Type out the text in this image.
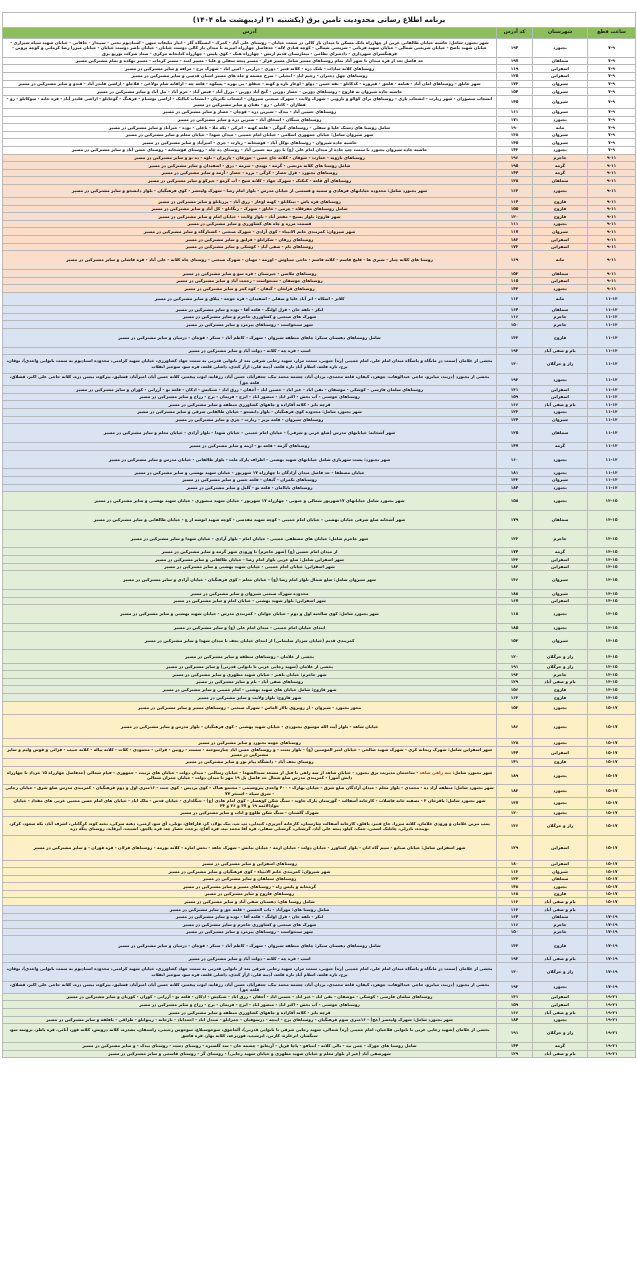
برنامه اطلاع رسانی محدودیت تامین برق (یکشنبه ۲۱ اردیبهشت ماه ۱۴۰۴)			
ساعت قطع	شهرستان	کد آدرس	آدرس
۷-۹	بجنورد	۱۹۴	شهر بجنورد شامل: حاشیه خیابان طالقانی غربی از چهارراه بانک مسکن تا میدان بار کالی در سمت خیابان - روستای علی آباد - کمرک - ایستگاه گاز - انبار تبلیغات میهن - استادیوم تختی - سپیدار - خاقانی - خیابان شهید سپاه شیرازی - خیابان شهید ناصح - خیابان شریعتی شمالی - خیابان شهید قربانی - شریعتی شمالی - کوچه قنادی لاله - حدفاصل چهارراه امیریه تا میدان بار کالی دوست خیابان - خیابان ناصر دوست خیابان - خیابان میرزا رضا کرمانی و کوچه پروین - فرهنگسرای شهرداری - دادسرای نظامی - بیمارستان قدیم ارتش - چهارراه هتک - کوی پلیس - چهارراه کتابخانه مرکزی - ستاد شرکت توزیع برق
۷-۹	سملقان	۱۹۷	حد فاصل بعد از قره میدان تا شهر آباد تمام روستاهای مسیر شامل مسیر قزلر - مسیر پنجه سفلی و علیا - مسیر امند - مسیر کرماب - مسیر بهکده و تمام مشترکین مسیر
۷-۹	اسفراین	۱۱۹	روستاهای کلاته سادات - بلنک دره - کلاته قنبر - دوری - درازبی - امین اباد - شهرک برج - مرافه و سایر مشترکین در مسیر
۷-۹	اسفراین	۱۲۵	روستاهای چهل دختران - رحیم اباد - انجیلی - سرخ چشمه و چاه های مسیر استان قدسی و سایر مشترکین در مسیر
۷-۹	شیروان	۱۷۳	شهر خانلق - روستاهای امان آباد - هنامه - قلجق - فیروزه - کدکانلو - تقه حسن - دولو - اوغاز تازه و کهنه - چیقلو - بی بهره - پسکوه - قلعه چه - اراقانه شام بولاغی - قلاجلو - اراضی قلندر آباد - قندو و سایر مشترکین در مسیر
۷-۹	شیروان	۱۵۴	حاشیه جاده شیروان به قاروچ - روستاهای دورین - حصار دورین - گنج آباد دورین - برزل آباد - فیض آباد - خرم آباد - تپل آباد و سایر مشترکین در مسیر
۷-۹	شیروان	۱۴۵	انشعاب منصوران - شهر زیارت - انشعاب باری - روستاهای برای کوالو و بازویی - شهرک ولایت - شهرک صنعتی شیروان - انشعاب نکتریان - انشعاب کیالیک - اراضی توشنام - فرهنگ - گوجانلو - اراضی قلندر آباد - قره خانه - سوکانلو - رو - قطاران - کاتلی - زو - تفتان و سایر مشترکین در مسیر
۷-۹	شیروان	۱۶۱	روستاهای حسین آباد - بیدک - شیرین دره - قوچان - حصار و سایر مشترکین در مسیر
۷-۹	بجنورد	۱۷۱	روستاهای سنگان - اسحاق آباد - شیرین دره و سایر مشترکین در مسیر
۷-۹	مانه	۱۹۰	شامل روستا های دشتک علیا و سفلی - روستاهای گیوگی - قلعه کهنه - اترکی - یکه ملا - باغلی - نوده - خیرآباد و سایر مشترکین در مسیر
۷-۹	شیروان	۱۳۸	شهر شیروان شامل: خیابان جمهوری اسلامی - خیابان امام خمینی - میدان شهدا - خیابان معلم و سایر مشترکین در مسیر
۷-۹	شیروان	۱۴۵	حاشیه جاده شیروان - روستاهای توکل آباد - قوشخانه - زیارت - چری - امیرآباد و سایر مشترکین در مسیر
۷-۹	بجنورد	۱۴۲	حاشیه جاده شیروان بجنورد با سمت چپ جاده از میدان امام علی (ع) تا دور تپه حسین آباد - روستای ده چاه - روستای قوشخانه - روستای حسن آباد و سایر مشترکین در مسیر
۹-۱۱	جاجرم	۱۹۶	روستاهای نارویه - عمارت - شوقان - کلاته حاج حسن - جوزقان - پاریزان - ناوه - ده نو و سایر مشترکین در مسیر
۹-۱۱	گرمه	۱۹۵	شامل روستا های کلاته مرتضی - گرمه - تهیدی - سرمه - درق - اسفیدان و سایر مشترکین در مسیر
۹-۱۱	گرمه	۱۴۴	روستاهای بجنورد - قزل حصار - کرگی - برزه - حصار - آرمه و سایر مشترکین در مسیر
۹-۱۱	سملقان	۱۲۸	روستاهای آق قلعه - کنکتک - شهرک جهاد - کلاته شیخ - آب گرمو - جیرکو و سایر مشترکین در مسیر
۹-۱۱	بجنورد	۱۶۳	شهر بجنورد شامل: محدوده خیابانهای فرهادی و سمیه و قسمتی از خیابان مدرس - بلوار امام رضا - شهرک ولیعصر - کوی فرهنگیان - بلوار دانشجو و سایر مشترکین در مسیر
۹-۱۱	فاروج	۱۱۴	روستاهای قره باش - تیتکانلو - کهنه اوغاز - رزق آباد - پرزیانلو و سایر مشترکین در مسیر
۹-۱۱	فاروج	۱۵۵	شامل روستاهای مقرقلاه - چرمی - خانلق - شهرک - زنگانلو - کل آباد و سایر مشترکین در مسیر
۹-۱۱	فاروج	۱۲۰	شهر فاروج: بلوار بسیج - مفخر آباد - بلوار ولایت - خیابان امام و سایر مشترکین در مسیر
۹-۱۱	بجنورد	۱۱۱	قسمت مرزه و چاه های کشاورزی و سایر مشترکین در مسیر
۹-۱۱	شیروان	۱۱۷	شهر شیروان: کمربندی خاتم الانبیاء - کوی آزادی - شهرک صنعتی - کشتارگاه و سایر مشترکین در مسیر
۹-۱۱	اسفراین	۱۸۲	روستاهای زرقان - شکرانلو - قزلیق و سایر مشترکین در مسیر
۹-۱۱	اسفراین	۱۷۲	روستاهای بام - صفی آباد - کوشکی و سایر مشترکین در مسیر
۹-۱۱	مانه	۱۶۹	روستا های کلاته چنار - شیری ها - قلیچ قاسم - کلاته قاسم - حاجی سیاوش - اوزمه - مهنان - شهرک صنعتی - روستای چاه کلاته - علی آباد - قره قاشلی و سایر مشترکین در مسیر
۹-۱۱	سملقان	۱۵۲	روستاهای ملاسن - جیرستان - قره سو و سایر مشترکین در مسیر
۹-۱۱	اسفراین	۱۱۵	روستاهای جوشقان - سنخواست - رحمت آباد و سایر مشترکین در مسیر
۹-۱۱	بجنورد	۱۴۳	روستاهای قزلخان - گیفان - کوه کمر و سایر مشترکین در مسیر
۱۱-۱۳	مانه	۱۱۲	کلاتر - اسکاه - اتر آباد علیا و سفلی - اسفیدان - قره خوجه - ییلاق و سایر مشترکین در مسیر
۱۱-۱۳	سملقان	۱۶۴	لنکر - تلفه خان - قزل اولنگ - قلعه آقا - نوده و سایر مشترکین در مسیر
۱۱-۱۳	جاجرم	۱۱۶	شهرک های صنعتی و کشاورزی جاجرم و سایر مشترکین در مسیر
۱۱-۱۳	جاجرم	۱۵۰	شهر سنخواست - روستاهای پیرمرد و سایر مشترکین در مسیر
۱۱-۱۳	فاروج	۱۳۳	شامل روستاهای دهستان سنکر: چاهای منطقه شیروان - شهرک - کاظم آباد - سنکر - قوچان - درمیان و سایر مشترکین در مسیر
۱۱-۱۳	بام و صفی آباد	۱۹۲	اسپ - قره چه - کلاته - دولت آباد و سایر مشترکین در مسیر
۱۱-۱۳	راز و جرگلان	۱۲۰	بخشی از غلامان (سمت در مانگاه و پاسگاه میدان امام علی، امام خمینی (ره) جنوبی، سمت مزار، شهید رجایی شرقی بعد از نانوایی قدرتی به سمت جهاد کشاورزی، خیابان شهید کرامتی، محدوده استادیوم به سمت نانوایی واحدی)، بوقان، برج، تازه قلعه، اسلام آباد تازه قلعه، آدینه قلی، ازآر کندی، داشلی قلعه، قره سو، سوخیز انقلاب
۱۱-۱۳	بجنورد	۱۹۲	بخشی از بجنورد (دربند، میانرو، حاجی عبدالوهاب، جوهرد، کیفان، قلعه محمدی، یزدان آباد، چشمه محمد بیک، جعفرآباد، حسن آباد، زرقانه، ایوب پیغمبر، کلاته حسن آباد، امیرآباد، قشلیق، پیرکوه، بیسن دره، کلاته حاجی علی اکبر، قشلاق، قلعه جق)
۱۱-۱۳	اسفراین	۱۳۱	روستاهای سلمان فارسی - کوشکی - موشقان - نقی اباد - غیر اباد - حسین اباد - آجقان - رزق اباد - شنکیش - ادکان - قلعه نو - آزرانی - کوران و سایر مشترکین در مسیر
۱۱-۱۳	اسفراین	۱۵۹	روستاهای خوشتی - آب بخش - اکبر اباد - منصور اباد - ابرج - فریمان - برج - زراج و سایر مشترکین در مسیر
۱۱-۱۳	بام و صفی آباد	۱۶۶	قرچه بابر - کلاته آقازاده و چاههای کشاورزی منطقه و سایر مشترکین در مسیر
۱۱-۱۳	بجنورد	۱۲۲	شهر بجنورد شامل: محدوده کوی فرهنگیان - بلوار دانشجو - خیابان طالقانی شرقی و سایر مشترکین در مسیر
۱۱-۱۳	شیروان	۱۲۴	روستاهای شیروان - قلعه بربر - زیارت - چری و سایر مشترکین در مسیر
۱۱-۱۳	سملقان	۱۲۵	شهر آشخانه: خیابانهای مدرس (ضلع غربی و شرقی) - خیابان امام خمینی - خیابان شهدا - بلوار آزادی - خیابان معلم و سایر مشترکین در مسیر
۱۱-۱۳	گرمه	۱۴۷	روستاهای گرمه - قلعه نو - ازمه و سایر مشترکین در مسیر
۱۱-۱۳	بجنورد	۱۶۰	شهر بجنورد: پشت شهربازی شامل خیابانهای شهید بهشتی - اطراف پارک ملت - بلوار طالقانی - خیابان مدرس و سایر مشترکین در مسیر
۱۱-۱۳	بجنورد	۱۸۱	خیابان مصطفا - حد فاصل میدان آزادگان تا چهارراه ۱۷ شهریور - خیابان شهید بهشتی و سایر مشترکین در مسیر
۱۱-۱۳	شیروان	۱۳۲	روستاهای تکمران - گیفان - قلعه حسن و سایر مشترکین در مسیر
۱۱-۱۳	بجنورد	۱۸۴	روستاهای باباامان - قلعه نو - گلیل و سایر مشترکین در مسیر
۱۳-۱۵	بجنورد	۱۵۸	شهر بجنورد شامل خیابانهای ۱۷شهریور شمالی و جنوبی - چهارراه ۱۷ شهریور - خیابان شهید منصوری - خیابان شهید بهشتی و سایر مشترکین در مسیر
۱۳-۱۵	سملقان	۱۷۹	شهر آشخانه ضلع شرقی خیابان بهشتی - خیابان امام خمینی - کوچه شهید مقدسی - کوچه شهید انوشه از ع - خیابان طالقانی و سایر مشترکین در مسیر
۱۳-۱۵	جاجرم	۱۲۲	شهر جاجرم شامل: خیابان های مصطفی خمینی - خیابان امام - بلوار آزادی - خیابان شهدا و سایر مشترکین در مسیر
۱۳-۱۵	گرمه	۱۷۴	از میدان امام حسین (ع) (شهر جاجرم) تا ورودی شهر گرمه و سایر مشترکین در مسیر
۱۳-۱۵	اسفراین	۱۳۲	شهر اسفراین شامل: ضلع غربی بلوار امام رضا - خیابان طالقانی و سایر مشترکین در مسیر
۱۳-۱۵	اسفراین	۱۸۲	شهر اسفراین: خیابان امام خمینی - خیابان شهید بهشتی و سایر مشترکین در مسیر
۱۳-۱۵	شیروان	۱۳۶	شهر شیروان شامل: ضلع شمال بلوار امام رضا (ع) - خیابان معلم - کوی فرهنگیان - خیابان آزادی و سایر مشترکین در مسیر
۱۳-۱۵	شیروان	۱۸۸	محدوده شهرک صنعتی شیروان و سایر مشترکین در مسیر
۱۳-۱۵	اسفراین	۱۶۷	شهر اسفراین: بلوار شهید بهشتی - خیابان امام و سایر مشترکین در مسیر
۱۳-۱۵	بجنورد	۱۱۸	شهر بجنورد شامل: کوی صالحیه اول و دوم - خیابان جوانان - کمربندی مدرس - خیابان شهید بهشتی و سایر مشترکین در مسیر
۱۳-۱۵	بجنورد	۱۸۵	ابتدای خیابان امام خمینی - میدان امام علی (ع) و سایر مشترکین در مسیر
۱۳-۱۵	شیروان	۱۵۳	کمربندی قدیم (خیابان سردار سلیمانی) از ابتدای خیابان نجف تا میدان شهدا و سایر مشترکین در مسیر
۱۳-۱۵	راز و جرگلان	۱۲۰	بخشی از غلامان - روستاهای منطقه و سایر مشترکین در مسیر
۱۳-۱۵	راز و جرگلان	۱۹۱	بخشی از غلامان (شهید رجایی غربی تا نانوایی قدرتی) و سایر مشترکین در مسیر
۱۳-۱۵	جاجرم	۱۹۳	شهر جاجرم: خیابان باهنر - خیابان شهید مطهری و سایر مشترکین در مسیر
۱۳-۱۵	بام و صفی آباد	۱۲۹	روستاهای صفی آباد - بام و سایر مشترکین در مسیر
۱۳-۱۵	فاروج	۱۵۶	شهر فاروج: شامل خیابان های شهید بهشتی - امام خمینی و سایر مشترکین در مسیر
۱۳-۱۵	فاروج	۱۶۲	شهر فاروج: بلوار ولایت و سایر مشترکین در مسیر
۱۵-۱۷	بجنورد	۱۵۲	محور بجنورد - شیروان - از روبروی تالار الماس - شهرک صنعتی - روستاهای مسیر و سایر مشترکین در مسیر
۱۵-۱۷	بجنورد	۱۸۶	خیابان شاهد - بلوار آیت الله موسوی بجنوردی - خیابان شهید بهشتی - کوی فرهنگیان - بلوار مدرس و سایر مشترکین در مسیر
۱۵-۱۷	بجنورد	۱۲۸	روستاهای حومه بجنورد و سایر مشترکین در مسیر
۱۵-۱۷	اسفراین	۱۴۴	شهر اسفراین شامل: شهرک ریحانه کری - شهرک شهید صالحی - خیابان امیر المومنین (ع) - بلوار بعثت - و روستاهای حسن اباد چنارسوخته - سست - رویین - قرائی - محمودی - کلات - کلاته پیاله - کلاته حبیب - قرائی و قوس ولیم و سایر مشترکین در مسیر
۱۵-۱۷	فاروج	۱۴۱	روستای نجف آباد - دانشگاه پیام نور و سایر مشترکین در مسیر
۱۵-۱۷	بجنورد	۱۸۹	شهر بجنورد شامل: سه راهی شاهد - ساختمان مدیریت برق بجنورد - خیابان شاهد از سه راهی تا قبل از مسجد سیدالشهدا - خیابان رسالتی - میدان دولت - خیابان های تربیت - جمهوری - قیام شمالی (حدفاصل چهارراه ۱۵ خرداد تا چهارراه دانش آموز) - کمربندی مدرس ضلع شمال حد فاصل پل ۱۹ مهر تا میدان دولت - خیابان جمران شمالی
۱۵-۱۷	بجنورد	۱۸۳	شهر بجنورد شامل: منطقه آزاد ده - محمدی - بلوار معلم - میدان آزادگان ضلع شرق - خیابان بهارک - ۴۰۰ واحدی پتروشیمی - مجتمع هتاک - کوی پردیس - کوی جنت - ۱۶متری اول و دوم فرهنگیان - کمربندی مدرس ضلع شرق - خیابان رجایی - شرق سپاه - استخر ۷۷
۱۵-۱۷	بجنورد	۱۳۷	شهر بجنورد شامل: باقرخان ۳ - تصفیه خانه فاضلاب - کارخانه آسفالت - گورستان پارک جاوید - سنگ شکن کوهسار - کوی امام هادی (ع) - جنگلداری - خیابان قدس - ملک اباد - خیابان های امام حسن مجتبی غربی های مقداد - خیابان جوادالائمه ۱۹ و ۳۷ و ۲۶ و ۳۴
۱۵-۱۷	بجنورد	۱۲۰	شهرک گلستان - سنگ شکن طلوع و اتاب و سایر مشترکین در مسیر
۱۵-۱۷	راز و جرگلان	۱۲۶	پمپ بنزین غلامان و ورودی غلامان، کلاته میرزا، حاج قنبر، یاقلق، کارخانه آسفالت شارستان، کارخانه آجرپزی، کنیدلی، تپ تپ، بیک پولاد، کر، قاراقاق، توتلی، آق سو، ارمنی، دهنه سرکی، تخته کوه، کرگانلی، اشرف آباد، یکه سعود، کرکر، نوبنده، نادرلی، چاتلیک اسمی، جمک، کپلو، پنجه علی آباد، گرشتلی، گرشتلی سفلی، قره آقا محمد تپه، قره آقاج، برخت، حصار چه، قره یالچق، اشتیت، آبرقاید، روستای ینگه دره
۱۵-۱۷	اسفراین	۱۲۹	شهر اسفراین شامل: خیابان صنایع - سیم گاه اتان - بلوار کشاورز - خیابان دولت - خیابان ارمه - خیابان نیایش - شهرک جاهد - بخش اماره - کلاته بوزمه - روستاهای قرلان - قره قوزان - و سایر مشترکین در مسیر
۱۵-۱۷	اسفراین	۱۸۰	روستاهای اسفراین و سایر مشترکین در مسیر
۱۵-۱۷	شیروان	۱۱۲	شهر شیروان: کمربندی خاتم الانبیاء - کوی فرهنگیان و سایر مشترکین در مسیر
۱۵-۱۷	سملقان	۱۲۳	روستاهای سملقان و سایر مشترکین در مسیر
۱۵-۱۷	بجنورد	۱۴۸	گرمخانه و پلیس راه - روستاهای مسیر و سایر مشترکین در مسیر
۱۵-۱۷	فاروج	۱۶۸	روستاهای فاروج و سایر مشترکین در مسیر
۱۵-۱۷	بام و صفی آباد	۱۱۳	شامل روستا های: دهستان صفی آباد و سایر مشترکین در مسیر
	بام و صفی آباد	۱۱۳	شامل روستا های: مهرآباد - باب الحسین - قلعه جق و سایر مشترکین در مسیر
۱۷-۱۹	سملقان	۱۶۴	لنکر - تلفه خان - قزل اولنگ - قلعه آقا - نوده و سایر مشترکین در مسیر
۱۷-۱۹	جاجرم	۱۱۶	شهرک های صنعتی و کشاورزی جاجرم و سایر مشترکین در مسیر
۱۷-۱۹	جاجرم	۱۵۰	شهر سنخواست - روستاهای پیرمرد و سایر مشترکین در مسیر
۱۷-۱۹	فاروج	۱۳۳	شامل روستاهای دهستان سنکر: چاهای منطقه شیروان - شهرک - کاظم آباد - سنکر - قوچان - درمیان و سایر مشترکین در مسیر
۱۷-۱۹	بام و صفی آباد	۱۹۲	اسپ - قره چه - کلاته - دولت آباد و سایر مشترکین در مسیر
۱۷-۱۹	راز و جرگلان	۱۲۰	بخشی از غلامان (سمت در مانگاه و پاسگاه میدان امام علی، امام خمینی (ره) جنوبی، سمت مزار، شهید رجایی شرقی بعد از نانوایی قدرتی به سمت جهاد کشاورزی، خیابان شهید کرامتی، محدوده استادیوم به سمت نانوایی واحدی)، بوقان، برج، تازه قلعه، اسلام آباد تازه قلعه، آدینه قلی، ازآر کندی، داشلی قلعه، قره سو، سوخیز انقلاب
۱۷-۱۹	بجنورد	۱۹۲	بخشی از بجنورد (دربند، میانرو، حاجی عبدالوهاب، جوهرد، کیفان، قلعه محمدی، یزدان آباد، چشمه محمد بیک، جعفرآباد، حسن آباد، زرقانه، ایوب پیغمبر، کلاته حسن آباد، امیرآباد، قشلیق، پیرکوه، بیسن دره، کلاته حاجی علی اکبر، قشلاق، قلعه جق)
۱۹-۲۱	اسفراین	۱۳۱	روستاهای سلمان فارسی - کوشکی - موشقان - نقی اباد - غیر اباد - حسین اباد - آجقان - رزق اباد - شنکیش - ادکان - قلعه نو - آزرانی - کوران - کوریان و سایر مشترکین در مسیر
۱۹-۲۱	اسفراین	۱۵۹	روستاهای خوشتی - آب بخش - اکبر اباد - منصور اباد - ابرج - فریمان - برج - زراج و سایر مشترکین در مسیر
۱۹-۲۱	بام و صفی آباد	۱۶۶	قرچه بابر - کلاته آقازاده و چاههای کشاورزی منطقه و سایر مشترکین در مسیر
۱۹-۲۱	بجنورد	۱۸۴	شهر بجنورد شامل: شهرک ولیعصر (عج) - ۱۶متری سوم فرهنگیان - روستاهای برج - اینچه - درسوفیان - حمزانلو - صندل اباد - احمداباد - بازخانه - زیتوانلو - طراقی - یافلقه و سایر مشترکین در مسیر
۱۹-۲۱	راز و جرگلان	۱۹۱	بخشی از غلامان (شهید رجایی غربی تا نانوایی فلاحیان، امام خمینی (ره) شمالی، شهید رجایی شرقی تا نانوایی قدرتی)، آلماجوق، سوخوسبلاغ، سوخوس رحیمی، راستقان، بشدره، کلاته درویش، کلاته قوز، آتائی، قره باطر، بروسه سو، سنگسار، اترغلره، کارتی، ابرشیب، قوربرغه، کلاته بهار، قره قاشق
۱۹-۲۱	گرمه	۱۴۴	شامل روستا های جورک - چمن بید - بالی کلاته - انبیاقو - پاچا قزیل - آربعاتو - چشمه خان - سد گلستره - روستای دشت - روستای بیدک - و سایر مشترکین در مسیر
۱۹-۲۱	بام و صفی آباد	۱۲۹	شهرصفی آباد (غیر از بلوار معلم و خیابان شهید مطهری و خیابان شهید رجایی) - روستای گز - روستای قاسمی و سایر مشترکین در مسیر
